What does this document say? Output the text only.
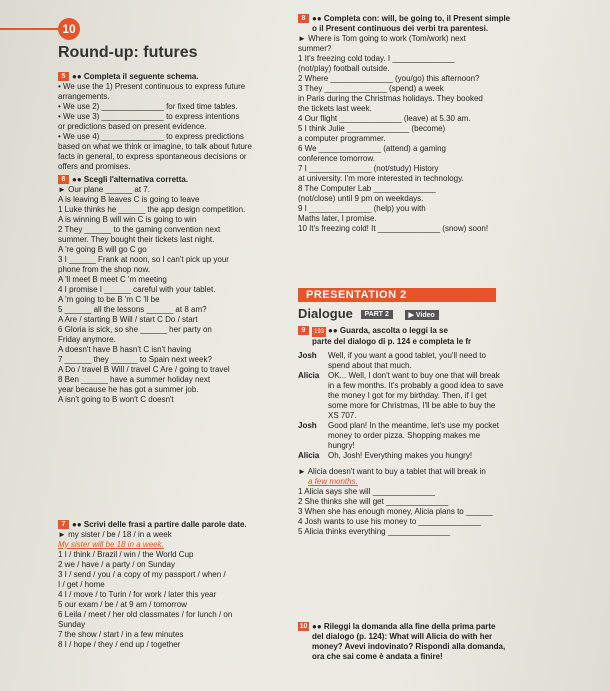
10
Round-up: futures

5 ●● Completa il seguente schema.

• We use the 1) Present continuous to express future

arrangements.

• We use 2) ______________ for fixed time tables.

• We use 3) ______________ to express intentions

or predictions based on present evidence.

• We use 4) ______________ to express predictions

based on what we think or imagine, to talk about future

facts in general, to express spontaneous decisions or

offers and promises.

6 ●● Scegli l'alternativa corretta.

► Our plane ______ at 7.

A is leaving B leaves C is going to leave

1 Luke thinks he ______ the app design competition.

A is winning B will win C is going to win

2 They ______ to the gaming convention next

summer. They bought their tickets last night.

A 're going B will go C go

3 I ______ Frank at noon, so I can't pick up your

phone from the shop now.

A 'll meet B meet C 'm meeting

4 I promise I ______ careful with your tablet.

A 'm going to be B 'm C 'll be

5 ______ all the lessons ______ at 8 am?

A Are / starting B Will / start C Do / start

6 Gloria is sick, so she ______ her party on

Friday anymore.

A doesn't have B hasn't C isn't having

7 ______ they ______ to Spain next week?

A Do / travel B Will / travel C Are / going to travel

8 Ben ______ have a summer holiday next

year because he has got a summer job.

A isn't going to B won't C doesn't

7 ●● Scrivi delle frasi a partire dalle parole date.

► my sister / be / 18 / in a week

My sister will be 18 in a week.

1 I / think / Brazil / win / the World Cup

2 we / have / a party / on Sunday

3 I / send / you / a copy of my passport / when /

I / get / home

4 I / move / to Turin / for work / later this year

5 our exam / be / at 9 am / tomorrow

6 Leila / meet / her old classmates / for lunch / on

Sunday

7 the show / start / in a few minutes

8 I / hope / they / end up / together

8 ●● Completa con: will, be going to, il Present simple

o il Present continuous dei verbi tra parentesi.

► Where is Tom going to work (Tom/work) next

summer?

1 It's freezing cold today. I ______________

(not/play) football outside.

2 Where ______________ (you/go) this afternoon?

3 They ______________ (spend) a week

in Paris during the Christmas holidays. They booked

the tickets last week.

4 Our flight ______________ (leave) at 5.30 am.

5 I think Julie ______________ (become)

a computer programmer.

6 We ______________ (attend) a gaming

conference tomorrow.

7 I ______________ (not/study) History

at university. I'm more interested in technology.

8 The Computer Lab ______________

(not/close) until 9 pm on weekdays.

9 I ______________ (help) you with

Maths later, I promise.

10 It's freezing cold! It ______________ (snow) soon!

PRESENTATION 2
Dialogue PART 2	▶ Video

9 193 ●● Guarda, ascolta o leggi la se

parte del dialogo di p. 124 e completa le fr

Josh Well, if you want a good tablet, you'll need to

spend about that much.

Alicia OK... Well, I don't want to buy one that will break

in a few months. It's probably a good idea to save

the money I got for my birthday. Then, if I get

some more for Christmas, I'll be able to buy the

XS 707.

Josh Good plan! In the meantime, let's use my pocket

money to order pizza. Shopping makes me

hungry!

Alicia Oh, Josh! Everything makes you hungry!

► Alicia doesn't want to buy a tablet that will break in

a few months.

1 Alicia says she will ______________

2 She thinks she will get ______________

3 When she has enough money, Alicia plans to ______

4 Josh wants to use his money to ______________

5 Alicia thinks everything ______________

10 ●● Rileggi la domanda alla fine della prima parte

del dialogo (p. 124): What will Alicia do with her

money? Avevi indovinato? Rispondi alla domanda,

ora che sai come è andata a finire!
